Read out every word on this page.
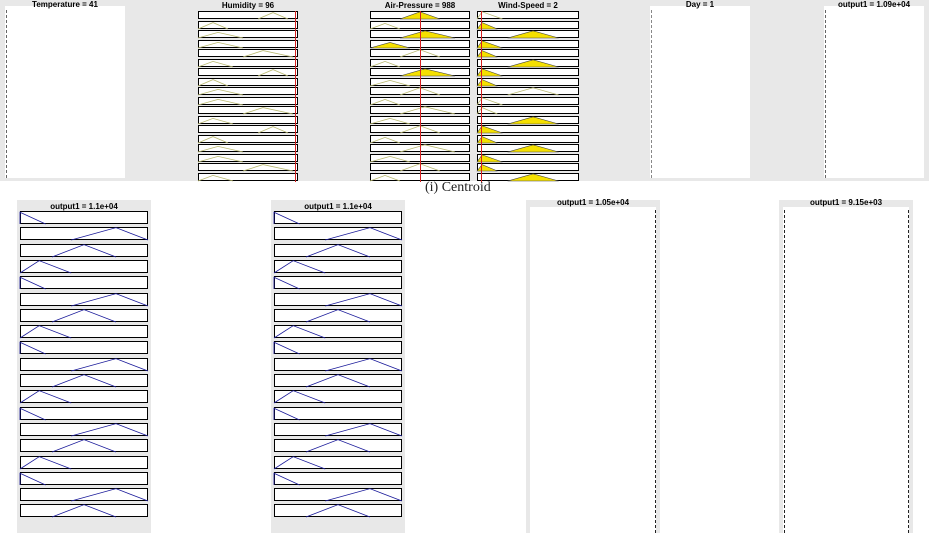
Temperature = 41	Humidity = 96	Air-Pressure = 988	Wind-Speed = 2	Day = 1	output1 = 1.09e+04
(i) Centroid
output1 = 1.1e+04	output1 = 1.1e+04	output1 = 1.05e+04	output1 = 9.15e+03
